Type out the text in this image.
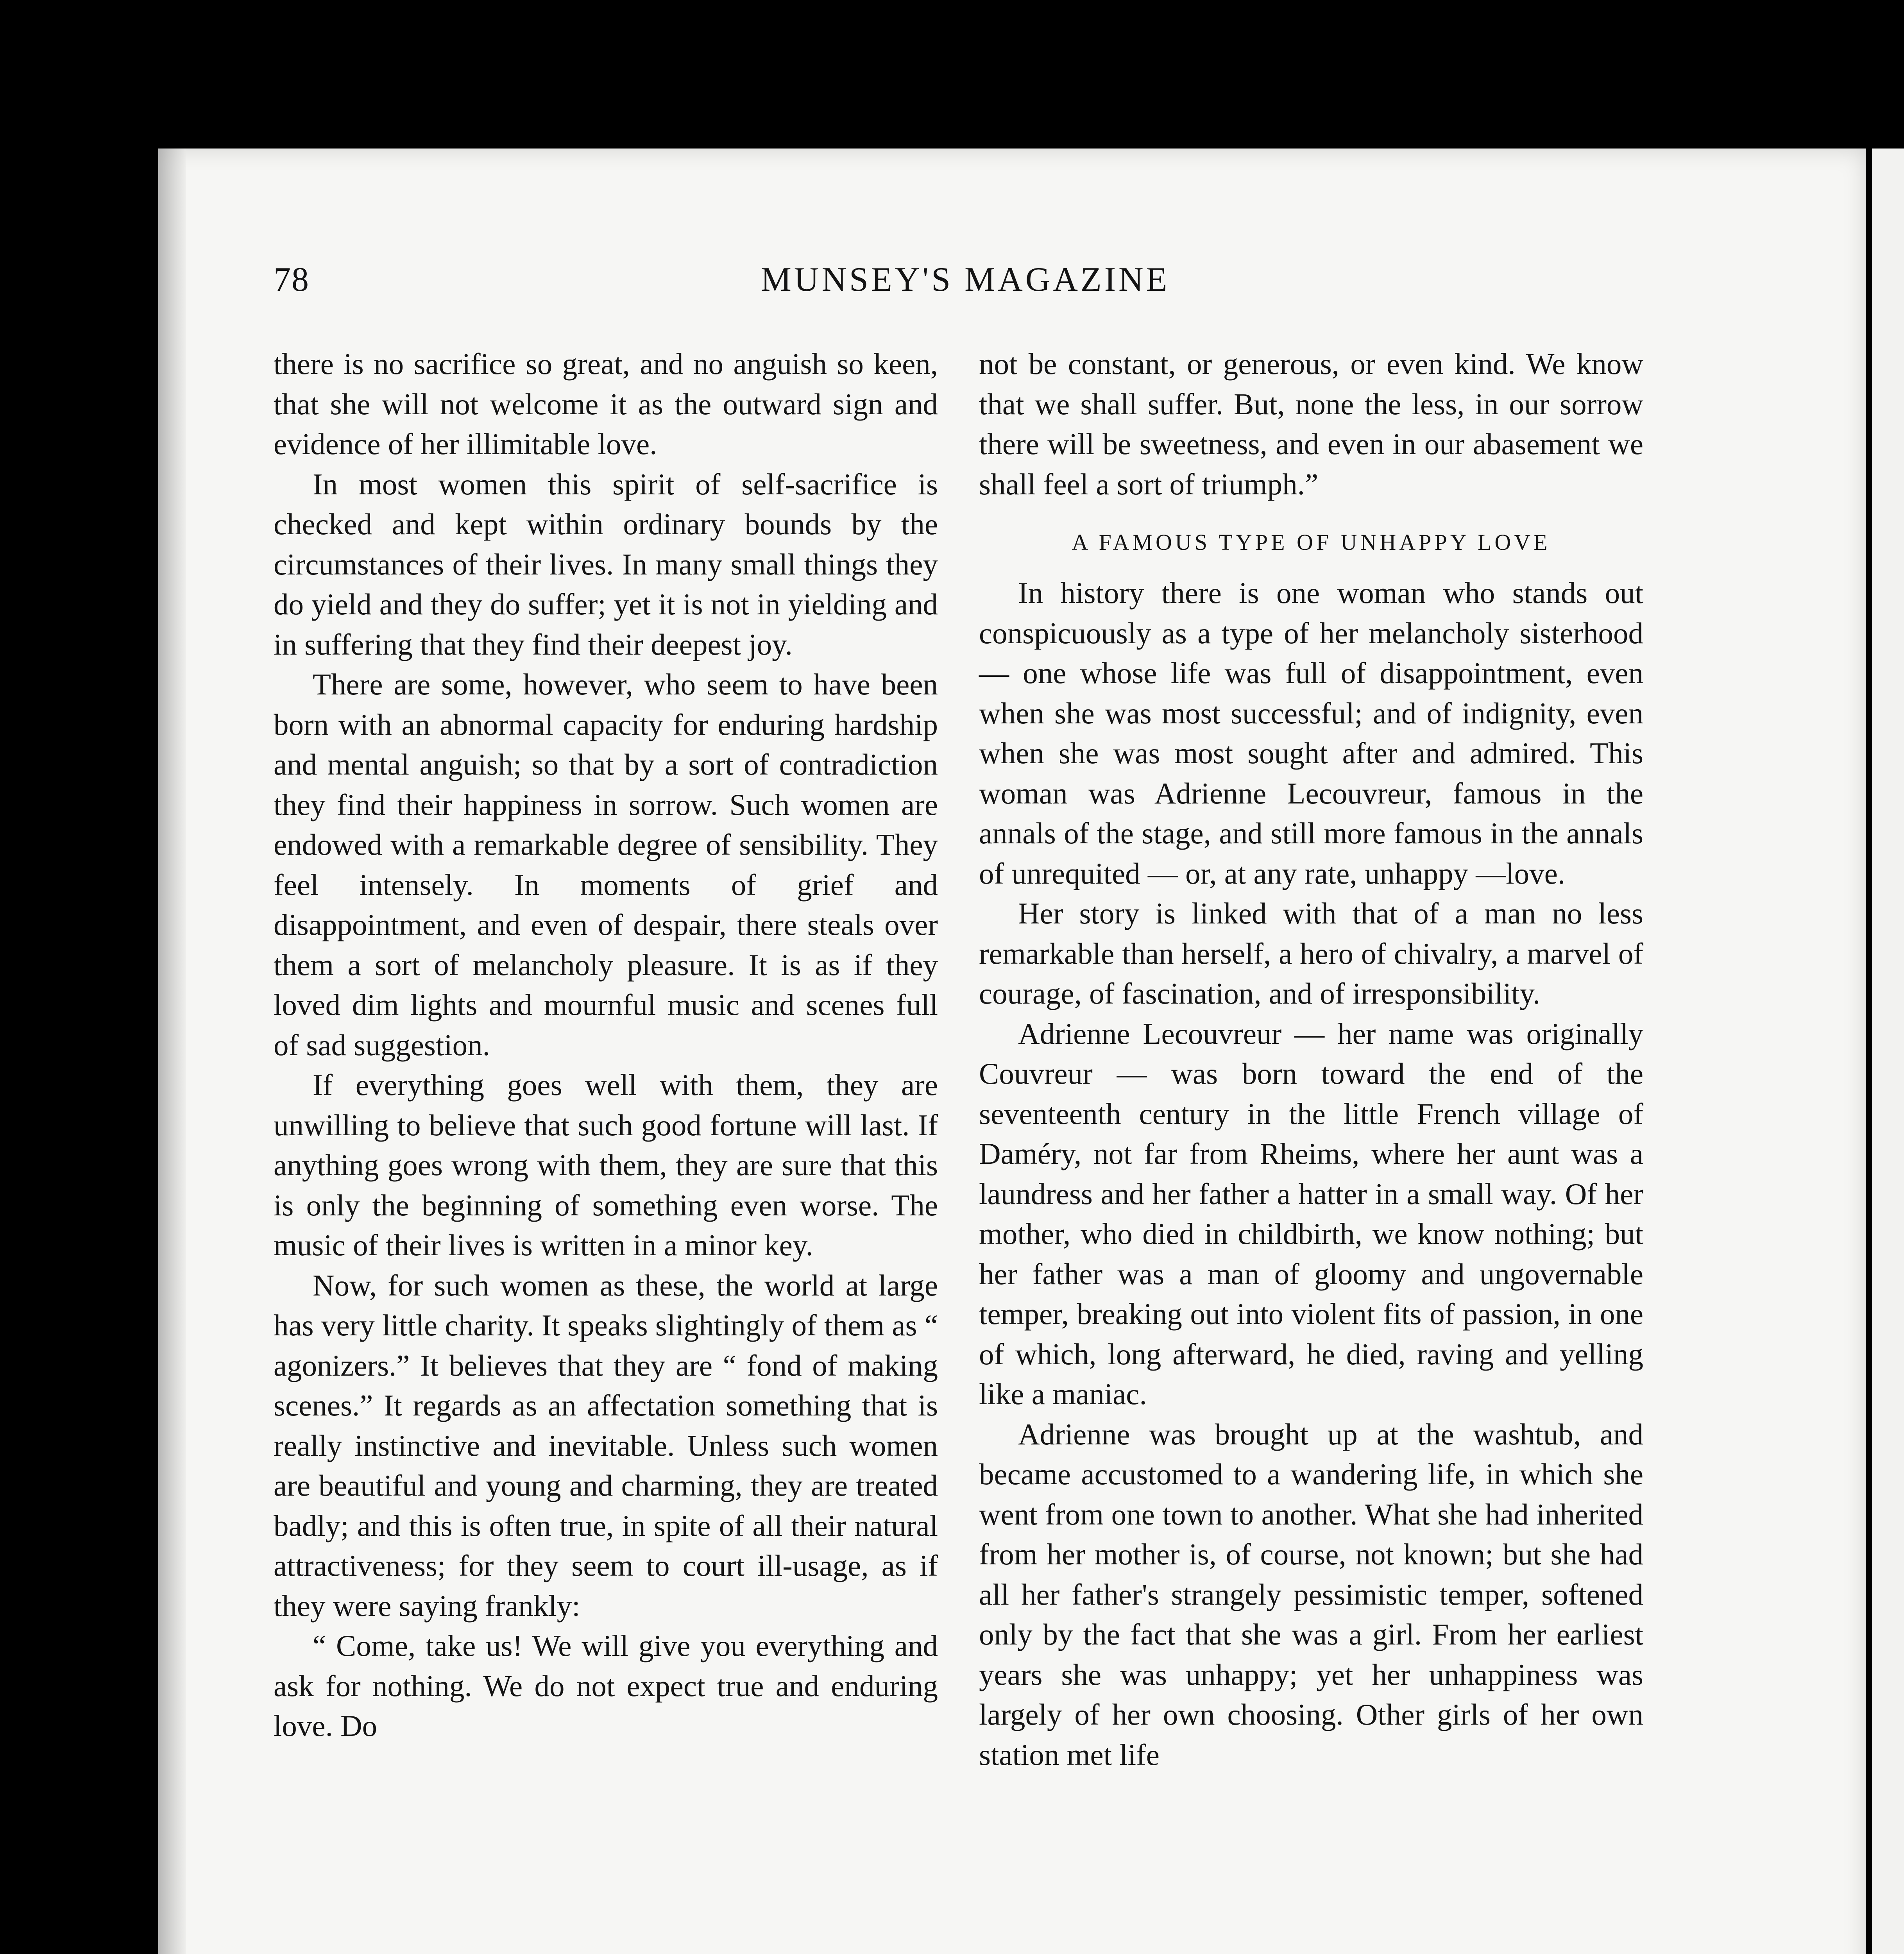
78	MUNSEY'S MAGAZINE

there is no sacrifice so great, and no anguish so keen, that she will not welcome it as the outward sign and evidence of her illimitable love.

In most women this spirit of self-sacrifice is checked and kept within ordinary bounds by the circumstances of their lives. In many small things they do yield and they do suffer; yet it is not in yielding and in suffering that they find their deepest joy.

There are some, however, who seem to have been born with an abnormal capacity for enduring hardship and mental anguish; so that by a sort of contradiction they find their happiness in sorrow. Such women are endowed with a remarkable degree of sensibility. They feel intensely. In moments of grief and disappointment, and even of despair, there steals over them a sort of melancholy pleasure. It is as if they loved dim lights and mournful music and scenes full of sad suggestion.

If everything goes well with them, they are unwilling to believe that such good fortune will last. If anything goes wrong with them, they are sure that this is only the beginning of something even worse. The music of their lives is written in a minor key.

Now, for such women as these, the world at large has very little charity. It speaks slightingly of them as “ agonizers.” It believes that they are “ fond of making scenes.” It regards as an affectation something that is really instinctive and inevitable. Unless such women are beautiful and young and charming, they are treated badly; and this is often true, in spite of all their natural attractiveness; for they seem to court ill-usage, as if they were saying frankly:

“ Come, take us! We will give you everything and ask for nothing. We do not expect true and enduring love. Do

not be constant, or generous, or even kind. We know that we shall suffer. But, none the less, in our sorrow there will be sweetness, and even in our abasement we shall feel a sort of triumph.”

A FAMOUS TYPE OF UNHAPPY LOVE

In history there is one woman who stands out conspicuously as a type of her melancholy sisterhood — one whose life was full of disappointment, even when she was most successful; and of indignity, even when she was most sought after and admired. This woman was Adrienne Lecouvreur, famous in the annals of the stage, and still more famous in the annals of unrequited — or, at any rate, unhappy —love.

Her story is linked with that of a man no less remarkable than herself, a hero of chivalry, a marvel of courage, of fascination, and of irresponsibility.

Adrienne Lecouvreur — her name was originally Couvreur — was born toward the end of the seventeenth century in the little French village of Daméry, not far from Rheims, where her aunt was a laundress and her father a hatter in a small way. Of her mother, who died in childbirth, we know nothing; but her father was a man of gloomy and ungovernable temper, breaking out into violent fits of passion, in one of which, long afterward, he died, raving and yelling like a maniac.

Adrienne was brought up at the washtub, and became accustomed to a wandering life, in which she went from one town to another. What she had inherited from her mother is, of course, not known; but she had all her father's strangely pessimistic temper, softened only by the fact that she was a girl. From her earliest years she was unhappy; yet her unhappiness was largely of her own choosing. Other girls of her own station met life
